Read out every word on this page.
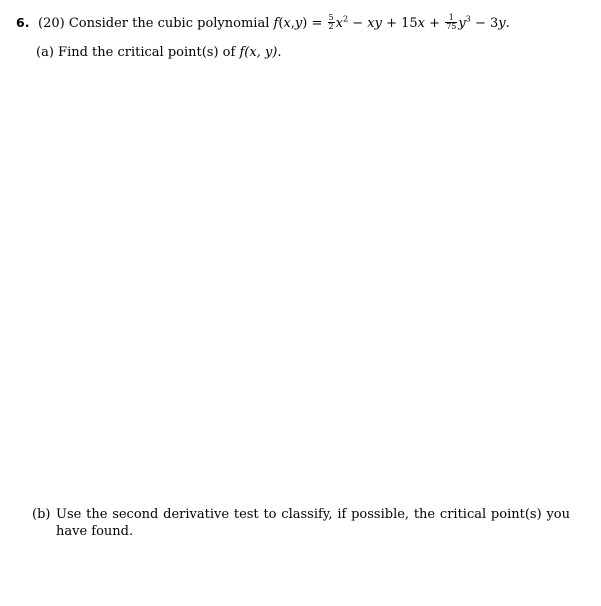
6. (20) Consider the cubic polynomial $f(x,y) = \frac{5}{2} x^2$ − xy + $15x + \frac{1}{75} y^3 - 3y$.
(a) Find the critical point(s) of f(x, y).
(b) Use the second derivative test to classify, if possible, the critical point(s) you have found.
